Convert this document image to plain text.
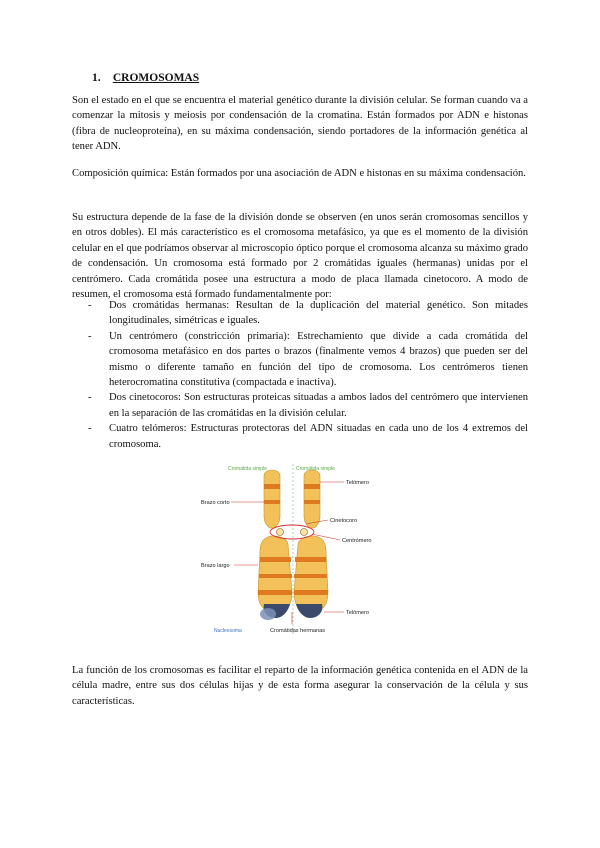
1. CROMOSOMAS

Son el estado en el que se encuentra el material genético durante la división celular. Se forman cuando va a comenzar la mitosis y meiosis por condensación de la cromatina. Están formados por ADN e histonas (fibra de nucleoproteína), en su máxima condensación, siendo portadores de la información genética al tener ADN.

Composición química: Están formados por una asociación de ADN e histonas en su máxima condensación.

Su estructura depende de la fase de la división donde se observen (en unos serán cromosomas sencillos y en otros dobles). El más característico es el cromosoma metafásico, ya que es el momento de la división celular en el que podríamos observar al microscopio óptico porque el cromosoma alcanza su máximo grado de condensación. Un cromosoma está formado por 2 cromátidas iguales (hermanas) unidas por el centrómero. Cada cromátida posee una estructura a modo de placa llamada cinetocoro. A modo de resumen, el cromosoma está formado fundamentalmente por:

- Dos cromátidas hermanas: Resultan de la duplicación del material genético. Son mitades longitudinales, simétricas e iguales.
- Un centrómero (constricción primaria): Estrechamiento que divide a cada cromátida del cromosoma metafásico en dos partes o brazos (finalmente vemos 4 brazos) que pueden ser del mismo o diferente tamaño en función del tipo de cromosoma. Los centrómeros tienen heterocromatina constitutiva (compactada e inactiva).
- Dos cinetocoros: Son estructuras proteicas situadas a ambos lados del centrómero que intervienen en la separación de las cromátidas en la división celular.
- Cuatro telómeros: Estructuras protectoras del ADN situadas en cada uno de los 4 extremos del cromosoma.
Cromátida simple	Cromátida simple
Brazo corto
Brazo largo
Telómero
Cinetocoro
Centrómero
Telómero
Nucleosoma	Cromátidas hermanas

La función de los cromosomas es facilitar el reparto de la información genética contenida en el ADN de la célula madre, entre sus dos células hijas y de esta forma asegurar la conservación de la célula y sus características.
